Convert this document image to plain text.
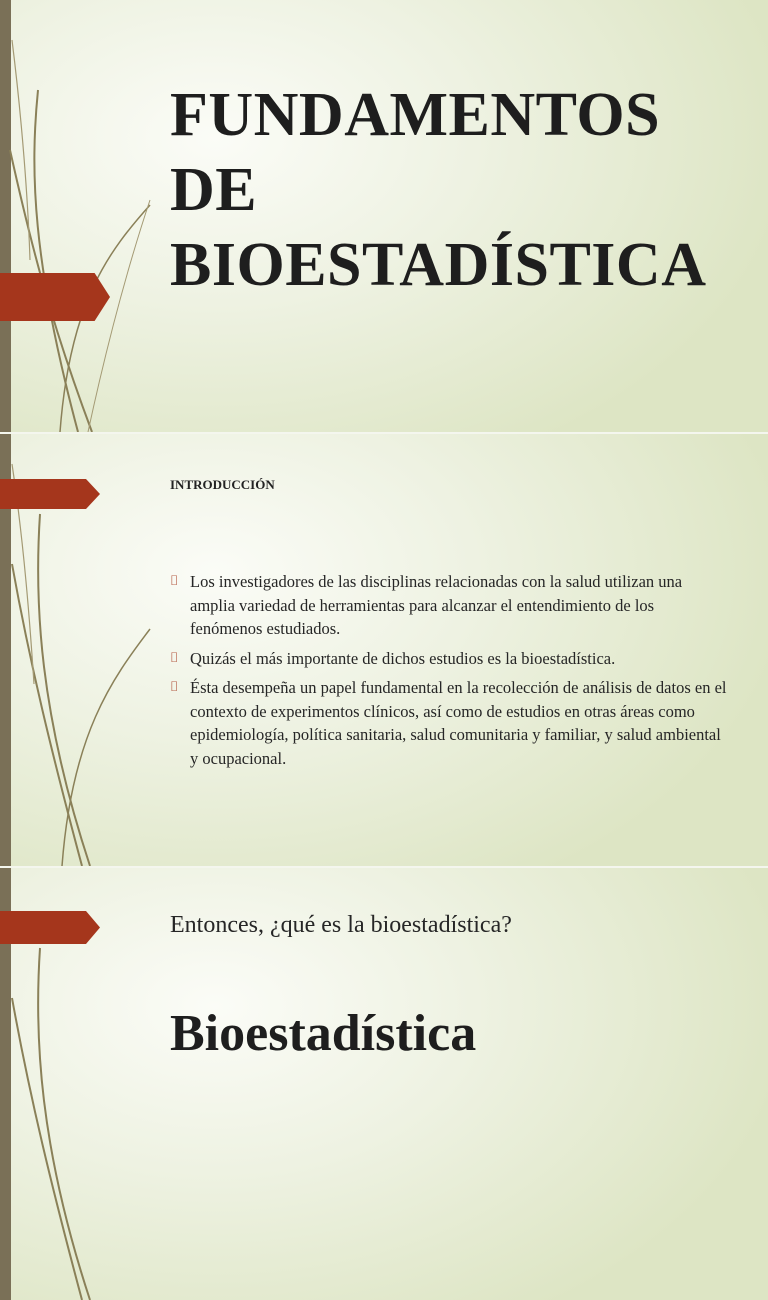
FUNDAMENTOS
DE
BIOESTADÍSTICA
INTRODUCCIÓN
⌷ Los investigadores de las disciplinas relacionadas con la salud utilizan una amplia variedad de herramientas para alcanzar el entendimiento de los fenómenos estudiados.
⌷ Quizás el más importante de dichos estudios es la bioestadística.
⌷ Ésta desempeña un papel fundamental en la recolección de análisis de datos en el contexto de experimentos clínicos, así como de estudios en otras áreas como epidemiología, política sanitaria, salud comunitaria y familiar, y salud ambiental y ocupacional.
Entonces, ¿qué es la bioestadística?
Bioestadística
